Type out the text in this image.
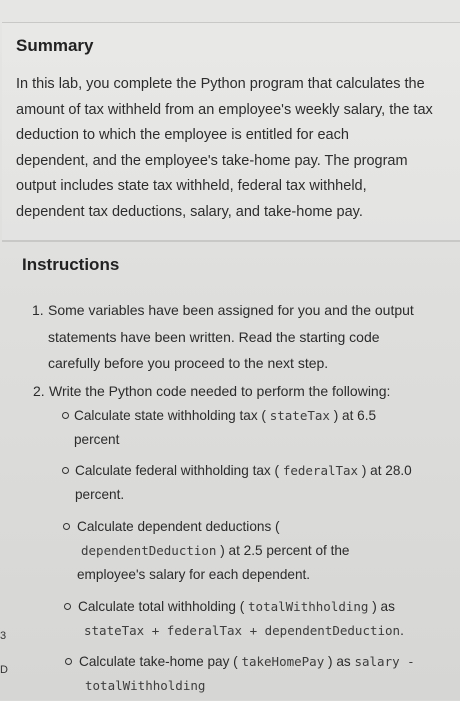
Summary
In this lab, you complete the Python program that calculates the
amount of tax withheld from an employee's weekly salary, the tax
deduction to which the employee is entitled for each
dependent, and the employee's take-home pay. The program
output includes state tax withheld, federal tax withheld,
dependent tax deductions, salary, and take-home pay.
Instructions
1. Some variables have been assigned for you and the output
statements have been written. Read the starting code
carefully before you proceed to the next step.
2. Write the Python code needed to perform the following:
Calculate state withholding tax ( stateTax ) at 6.5
percent
Calculate federal withholding tax ( federalTax ) at 28.0
percent.
Calculate dependent deductions (
dependentDeduction ) at 2.5 percent of the
employee's salary for each dependent.
Calculate total withholding ( totalWithholding ) as
stateTax + federalTax + dependentDeduction.
Calculate take-home pay ( takeHomePay ) as salary -
totalWithholding
3
D
